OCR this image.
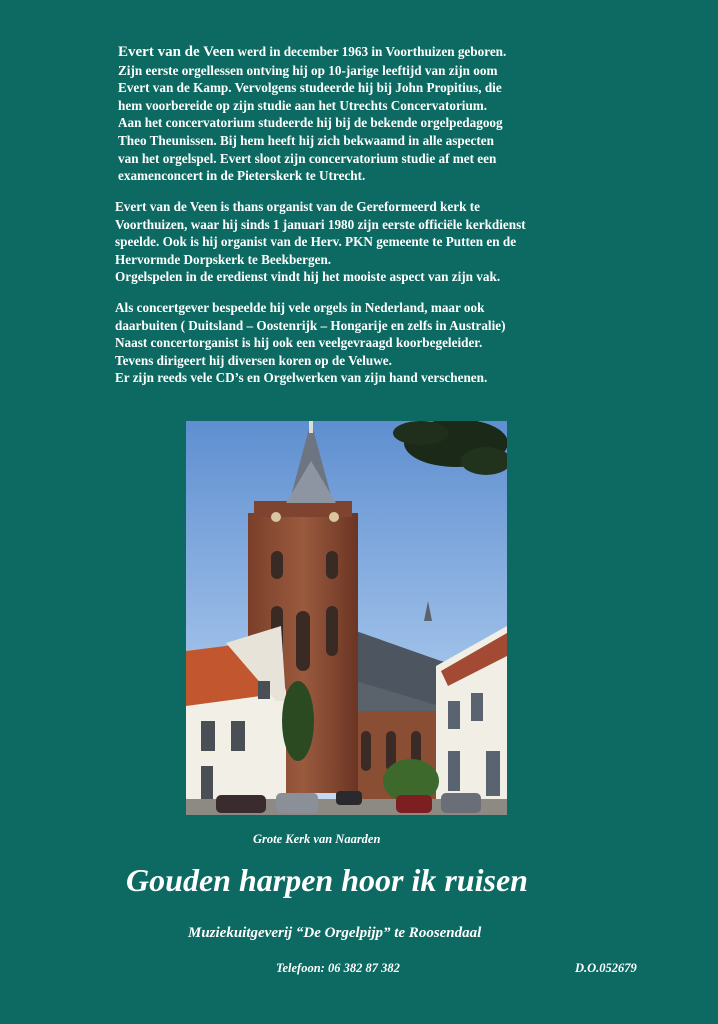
Evert van de Veen werd in december 1963 in Voorthuizen geboren.
Zijn eerste orgellessen ontving hij op 10-jarige leeftijd van zijn oom
Evert van de Kamp. Vervolgens studeerde hij bij John Propitius, die
hem voorbereide op zijn studie aan het Utrechts Concervatorium.
Aan het concervatorium studeerde hij bij de bekende orgelpedagoog
Theo Theunissen. Bij hem heeft hij zich bekwaamd in alle aspecten
van het orgelspel. Evert sloot zijn concervatorium studie af met een
examenconcert in de Pieterskerk te Utrecht.
Evert van de Veen is thans organist van de Gereformeerd kerk te
Voorthuizen, waar hij sinds 1 januari 1980 zijn eerste officiële kerkdienst
speelde. Ook is hij organist van de Herv. PKN gemeente te Putten en de
Hervormde Dorpskerk te Beekbergen.
Orgelspelen in de eredienst vindt hij het mooiste aspect van zijn vak.
Als concertgever bespeelde hij vele orgels in Nederland, maar ook
daarbuiten ( Duitsland – Oostenrijk – Hongarije en zelfs in Australie)
Naast concertorganist is hij ook een veelgevraagd koorbegeleider.
Tevens dirigeert hij diversen koren op de Veluwe.
Er zijn reeds vele CD’s en Orgelwerken van zijn hand verschenen.
Grote Kerk van Naarden
Gouden harpen hoor ik ruisen
Muziekuitgeverij “De Orgelpijp” te Roosendaal
Telefoon: 06 382 87 382	D.O.052679
